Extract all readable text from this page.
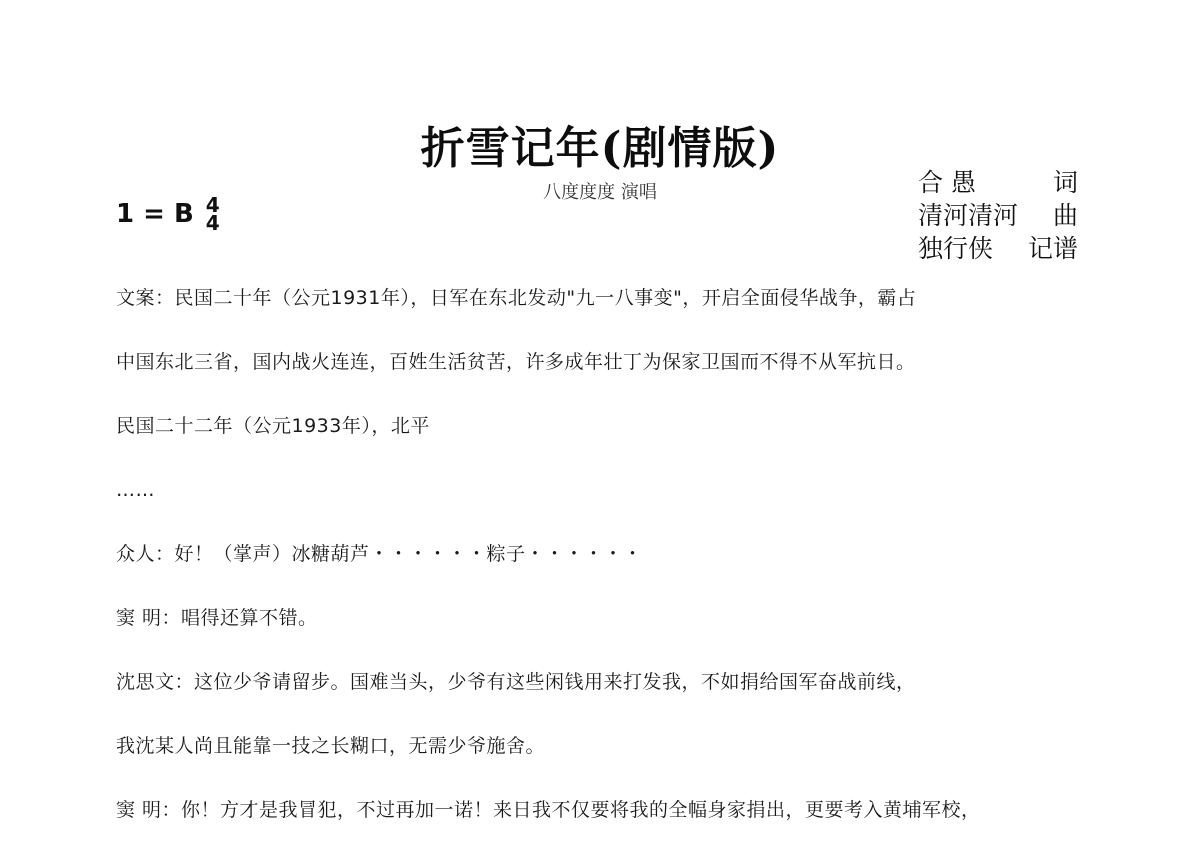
折雪记年(剧情版)
八度度度 演唱
1 = B 4
4
合 愚	词
清河清河 曲
独行侠 记谱
文案：民国二十年（公元1931年），日军在东北发动"九一八事变"，开启全面侵华战争，霸占
中国东北三省，国内战火连连，百姓生活贫苦，许多成年壮丁为保家卫国而不得不从军抗日。
民国二十二年（公元1933年），北平
……
众人：好！（掌声）冰糖葫芦・・・・・・粽子・・・・・・
窦 明：唱得还算不错。
沈思文：这位少爷请留步。国难当头，少爷有这些闲钱用来打发我，不如捐给国军奋战前线，
我沈某人尚且能靠一技之长糊口，无需少爷施舍。
窦 明：你！方才是我冒犯，不过再加一诺！来日我不仅要将我的全幅身家捐出，更要考入黄埔军校，
